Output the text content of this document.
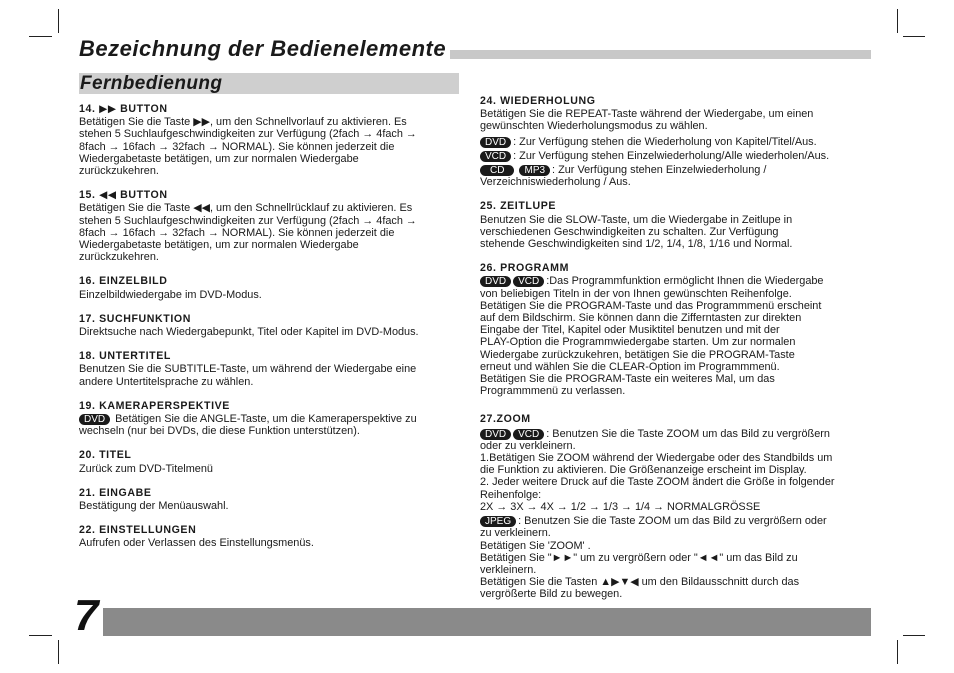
Bezeichnung der Bedienelemente
Fernbedienung
14. ▶▶ BUTTON

Betätigen Sie die Taste ▶▶, um den Schnellvorlauf zu aktivieren. Es

stehen 5 Suchlaufgeschwindigkeiten zur Verfügung (2fach → 4fach →

8fach → 16fach → 32fach → NORMAL). Sie können jederzeit die

Wiedergabetaste betätigen, um zur normalen Wiedergabe

zurückzukehren.

15. ◀◀ BUTTON

Betätigen Sie die Taste ◀◀, um den Schnellrücklauf zu aktivieren. Es

stehen 5 Suchlaufgeschwindigkeiten zur Verfügung (2fach → 4fach →

8fach → 16fach → 32fach → NORMAL). Sie können jederzeit die

Wiedergabetaste betätigen, um zur normalen Wiedergabe

zurückzukehren.

16. EINZELBILD

Einzelbildwiedergabe im DVD-Modus.

17. SUCHFUNKTION

Direktsuche nach Wiedergabepunkt, Titel oder Kapitel im DVD-Modus.

18. UNTERTITEL

Benutzen Sie die SUBTITLE-Taste, um während der Wiedergabe eine

andere Untertitelsprache zu wählen.

19. KAMERAPERSPEKTIVE

DVD Betätigen Sie die ANGLE-Taste, um die Kameraperspektive zu

wechseln (nur bei DVDs, die diese Funktion unterstützen).

20. TITEL

Zurück zum DVD-Titelmenü

21. EINGABE

Bestätigung der Menüauswahl.

22. EINSTELLUNGEN

Aufrufen oder Verlassen des Einstellungsmenüs.

24. WIEDERHOLUNG

Betätigen Sie die REPEAT-Taste während der Wiedergabe, um einen

gewünschten Wiederholungsmodus zu wählen.

DVD : Zur Verfügung stehen die Wiederholung von Kapitel/Titel/Aus.

VCD : Zur Verfügung stehen Einzelwiederholung/Alle wiederholen/Aus.

CD MP3 : Zur Verfügung stehen Einzelwiederholung /

Verzeichniswiederholung / Aus.

25. ZEITLUPE

Benutzen Sie die SLOW-Taste, um die Wiedergabe in Zeitlupe in

verschiedenen Geschwindigkeiten zu schalten. Zur Verfügung

stehende Geschwindigkeiten sind 1/2, 1/4, 1/8, 1/16 und Normal.

26. PROGRAMM

DVD VCD :Das Programmfunktion ermöglicht Ihnen die Wiedergabe

von beliebigen Titeln in der von Ihnen gewünschten Reihenfolge.

Betätigen Sie die PROGRAM-Taste und das Programmmenü erscheint

auf dem Bildschirm. Sie können dann die Zifferntasten zur direkten

Eingabe der Titel, Kapitel oder Musiktitel benutzen und mit der

PLAY-Option die Programmwiedergabe starten. Um zur normalen

Wiedergabe zurückzukehren, betätigen Sie die PROGRAM-Taste

erneut und wählen Sie die CLEAR-Option im Programmmenü.

Betätigen Sie die PROGRAM-Taste ein weiteres Mal, um das

Programmmenü zu verlassen.

27.ZOOM

DVD VCD : Benutzen Sie die Taste ZOOM um das Bild zu vergrößern

oder zu verkleinern.

1.Betätigen Sie ZOOM während der Wiedergabe oder des Standbilds um

die Funktion zu aktivieren. Die Größenanzeige erscheint im Display.

2. Jeder weitere Druck auf die Taste ZOOM ändert die Größe in folgender

Reihenfolge:

2X → 3X → 4X → 1/2 → 1/3 → 1/4 → NORMALGRÖSSE

JPEG : Benutzen Sie die Taste ZOOM um das Bild zu vergrößern oder

zu verkleinern.

Betätigen Sie 'ZOOM' .

Betätigen Sie "►►" um zu vergrößern oder "◄◄" um das Bild zu

verkleinern.

Betätigen Sie die Tasten ▲▶▼◀ um den Bildausschnitt durch das

vergrößerte Bild zu bewegen.

7
